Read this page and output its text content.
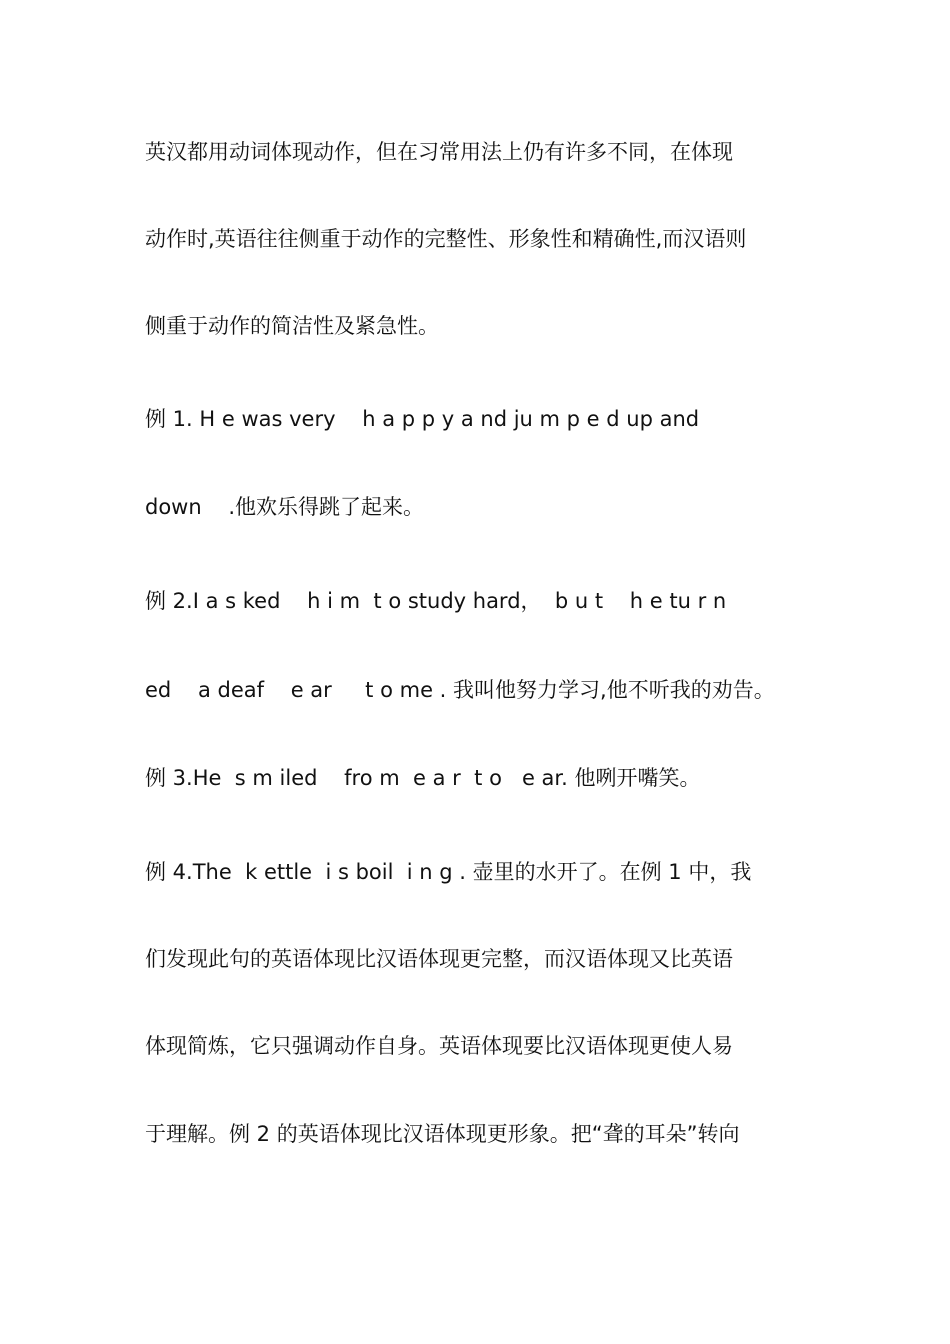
英汉都用动词体现动作，但在习常用法上仍有许多不同，在体现
动作时,英语往往侧重于动作的完整性、形象性和精确性,而汉语则
侧重于动作的简洁性及紧急性。
例 1. H e was very    h a p p y a nd ju m p e d up and
down    .他欢乐得跳了起来。
例 2.I a s ked    h i m  t o study hard，  b u t    h e tu r n
ed    a deaf    e ar     t o me . 我叫他努力学习,他不听我的劝告。
例 3.He  s m iled    fro m  e a r  t o   e ar. 他咧开嘴笑。
例 4.The  k ettle  i s boil  i n g . 壶里的水开了。在例 1 中，我
们发现此句的英语体现比汉语体现更完整，而汉语体现又比英语
体现简炼，它只强调动作自身。英语体现要比汉语体现更使人易
于理解。例 2 的英语体现比汉语体现更形象。把“聋的耳朵”转向
